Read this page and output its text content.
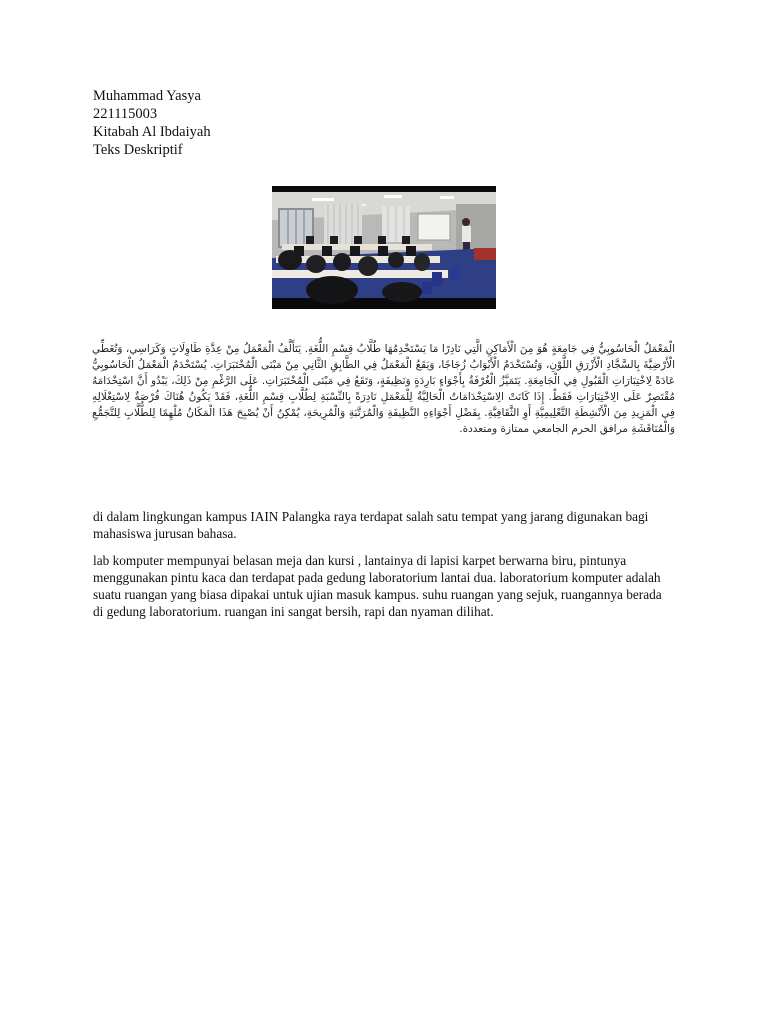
Muhammad Yasya
221115003
Kitabah Al Ibdaiyah
Teks Deskriptif
الْمَعْمَلُ الْحَاسُوبِيُّ فِي جَامِعَةٍ هُوَ مِنَ الْأَمَاكِنِ الَّتِي نَادِرًا مَا يَسْتَخْدِمُهَا طُلَّابُ قِسْمِ اللُّغَةِ. يَتَأَلَّفُ الْمَعْمَلُ مِنْ عِدَّةِ طَاوِلَاتٍ وَكَرَاسِي، وَتُغَطِّي الْأَرْضِيَّةَ بِالسَّجَّادِ الْأَزْرَقِ اللَّوْنِ، وَتُسْتَخْدَمُ الْأَبْوَابُ زُجَاجًا، وَيَقَعُ الْمَعْمَلُ فِي الطَّابِقِ الثَّانِي مِنْ مَبْنَى الْمُخْتَبَرَاتِ. يُسْتَخْدَمُ الْمَعْمَلُ الْحَاسُوبِيُّ عَادَةً لِاخْتِبَارَاتِ الْقَبُولِ فِي الْجَامِعَةِ. يَتَمَيَّزُ الْغُرْفَةُ بِأَجْوَاءٍ بَارِدَةٍ وَنَظِيفَةٍ، وَتَقَعُ فِي مَبْنَى الْمُخْتَبَرَاتِ. عَلَى الرَّغْمِ مِنْ ذَلِكَ، يَبْدُو أَنَّ اسْتِخْدَامَهُ مُقْتَصِرٌ عَلَى الِاخْتِبَارَاتِ فَقَطْ. إِذَا كَانَتْ الِاسْتِخْدَامَاتُ الْحَالِيَّةُ لِلْمَعْمَلِ نَادِرَةً بِالنِّسْبَةِ لِطُلَّابِ قِسْمِ اللُّغَةِ، فَقَدْ يَكُونُ هُنَاكَ فُرْصَةٌ لِاسْتِغْلَالِهِ فِي الْمَزِيدِ مِنَ الْأَنْشِطَةِ التَّعْلِيمِيَّةِ أَوِ الثَّقَافِيَّةِ. بِفَضْلِ أَجْوَاءِهِ النَّظِيفَةِ وَالْمُرَتَّبَةِ وَالْمُرِيحَةِ، يُمْكِنُ أَنْ يُصْبِحَ هَذَا الْمَكَانُ مُلْهِمًا لِلطُّلَّابِ لِلتَّجَمُّعِ وَالْمُنَاقَشَةِ مرافق الحرم الجامعي ممتازة ومتعددة.
di dalam lingkungan kampus IAIN Palangka raya terdapat salah satu tempat yang jarang digunakan bagi mahasiswa jurusan bahasa.
lab komputer mempunyai belasan meja dan kursi , lantainya di lapisi karpet berwarna biru, pintunya menggunakan pintu kaca dan terdapat pada gedung laboratorium lantai dua. laboratorium komputer adalah suatu ruangan yang biasa dipakai untuk ujian masuk kampus. suhu ruangan yang sejuk, ruangannya berada di gedung laboratorium. ruangan ini sangat bersih, rapi dan nyaman dilihat.
